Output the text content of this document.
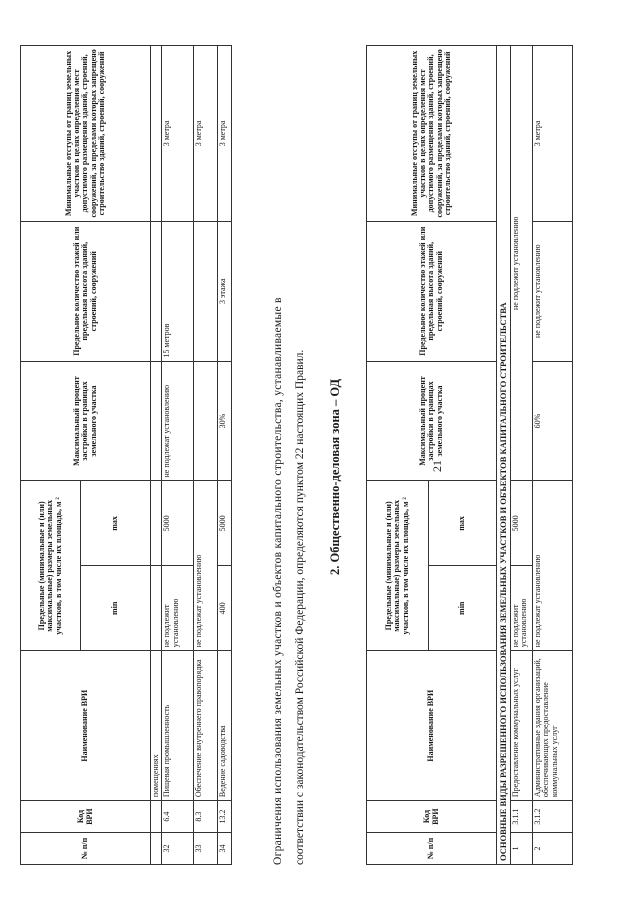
21
№ п/п	Код ВРИ	Наименование ВРИ	Предельные (минимальные и (или) максимальные) размеры земельных участков, в том числе их площадь, м ²		Максимальный процент застройки в границах земельного участка	Предельное количество этажей или предельная высота зданий, строений, сооружений	Минимальные отступы от границ земельных участков в целях определения мест допустимого размещения зданий, строений, сооружений, за пределами которых запрещено строительство зданий, строений, сооружений
			min	max			
		помещениях					
32	6.4	Пищевая промышленность	не подлежит установлению	5000	не подлежат установлению	15 метров	3 метра
33	8.3	Обеспечение внутреннего правопорядка	не подлежат установлению				3 метра
34	13.2	Ведение садоводства	400	5000	30%	3 этажа	3 метра
Ограничения использования земельных участков и объектов капитального строительства, устанавливаемые в соответствии с законодательством Российской Федерации, определяются пунктом 22 настоящих Правил. 2. Общественно-деловая зона – ОД
№ п/п	Код ВРИ	Наименование ВРИ	Предельные (минимальные и (или) максимальные) размеры земельных участков, в том числе их площадь, м ²		Максимальный процент застройки в границах земельного участка	Предельное количество этажей или предельная высота зданий, строений, сооружений	Минимальные отступы от границ земельных участков в целях определения мест допустимого размещения зданий, строений, сооружений, за пределами которых запрещено строительство зданий, строений, сооружений
			min	max			
ОСНОВНЫЕ ВИДЫ РАЗРЕШЕННОГО ИСПОЛЬЗОВАНИЯ ЗЕМЕЛЬНЫХ УЧАСТКОВ И ОБЪЕКТОВ КАПИТАЛЬНОГО СТРОИТЕЛЬСТВА							
1	3.1.1	Предоставление коммунальных услуг	не подлежит установлению	5000	не подлежит установлению		
2	3.1.2	Административные здания организаций, обеспечивающих предоставление коммунальных услуг	не подлежат установлению		60%	не подлежит установлению	3 метра
